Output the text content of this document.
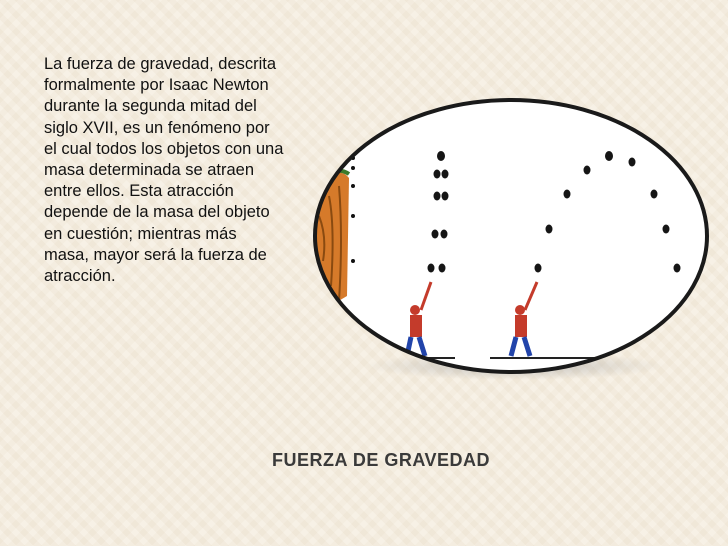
La fuerza de gravedad, descrita formalmente por Isaac Newton durante la segunda mitad del siglo XVII, es un fenómeno por el cual todos los objetos con una masa determinada se atraen entre ellos. Esta atracción depende de la masa del objeto en cuestión; mientras más masa, mayor será la fuerza de atracción.

FUERZA DE GRAVEDAD
